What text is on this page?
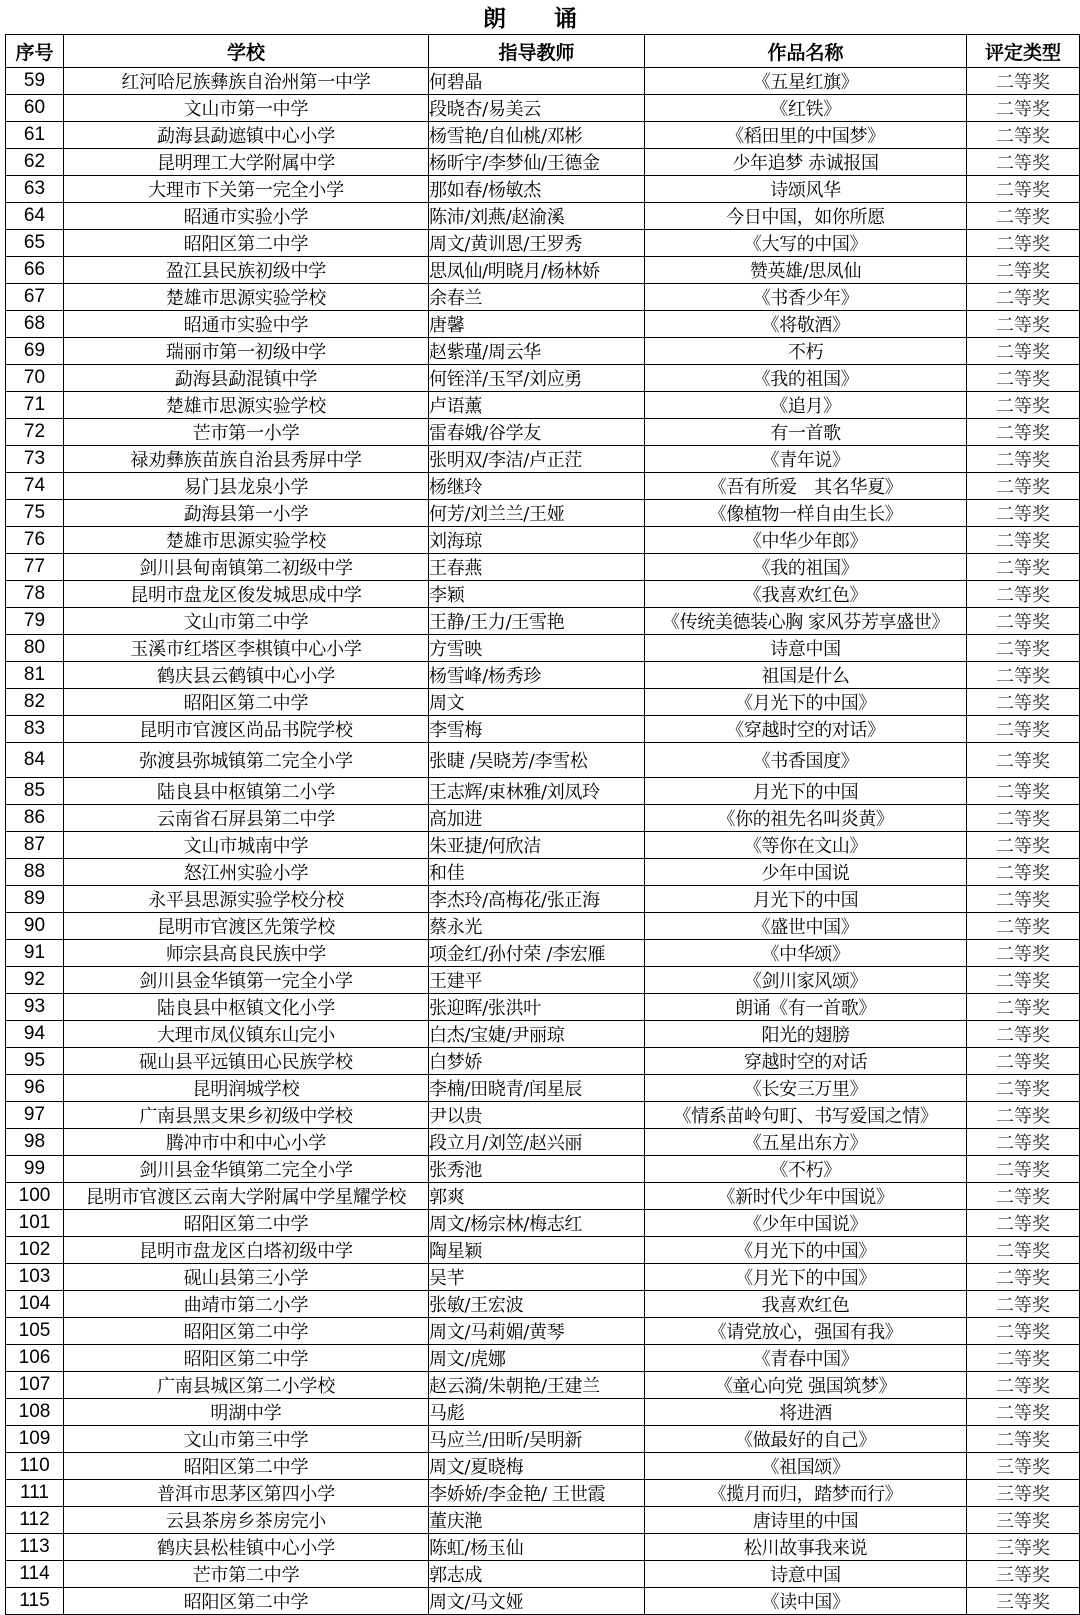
朗 诵
序号	学校	指导教师	作品名称	评定类型
59	红河哈尼族彝族自治州第一中学	何碧晶	《五星红旗》	二等奖
60	文山市第一中学	段晓杏/易美云	《红铁》	二等奖
61	勐海县勐遮镇中心小学	杨雪艳/自仙桃/邓彬	《稻田里的中国梦》	二等奖
62	昆明理工大学附属中学	杨昕宇/李梦仙/王德金	少年追梦 赤诚报国	二等奖
63	大理市下关第一完全小学	那如春/杨敏杰	诗颂风华	二等奖
64	昭通市实验小学	陈沛/刘燕/赵渝溪	今日中国，如你所愿	二等奖
65	昭阳区第二中学	周文/黄训恩/王罗秀	《大写的中国》	二等奖
66	盈江县民族初级中学	思凤仙/明晓月/杨林娇	赞英雄/思凤仙	二等奖
67	楚雄市思源实验学校	余春兰	《书香少年》	二等奖
68	昭通市实验中学	唐馨	《将敬酒》	二等奖
69	瑞丽市第一初级中学	赵紫瑾/周云华	不朽	二等奖
70	勐海县勐混镇中学	何铚洋/玉罕/刘应勇	《我的祖国》	二等奖
71	楚雄市思源实验学校	卢语薰	《追月》	二等奖
72	芒市第一小学	雷春娥/谷学友	有一首歌	二等奖
73	禄劝彝族苗族自治县秀屏中学	张明双/李洁/卢正茳	《青年说》	二等奖
74	易门县龙泉小学	杨继玲	《吾有所爱　其名华夏》	二等奖
75	勐海县第一小学	何芳/刘兰兰/王娅	《像植物一样自由生长》	二等奖
76	楚雄市思源实验学校	刘海琼	《中华少年郎》	二等奖
77	剑川县甸南镇第二初级中学	王春燕	《我的祖国》	二等奖
78	昆明市盘龙区俊发城思成中学	李颖	《我喜欢红色》	二等奖
79	文山市第二中学	王静/王力/王雪艳	《传统美德装心胸 家风芬芳享盛世》	二等奖
80	玉溪市红塔区李棋镇中心小学	方雪映	诗意中国	二等奖
81	鹤庆县云鹤镇中心小学	杨雪峰/杨秀珍	祖国是什么	二等奖
82	昭阳区第二中学	周文	《月光下的中国》	二等奖
83	昆明市官渡区尚品书院学校	李雪梅	《穿越时空的对话》	二等奖
84	弥渡县弥城镇第二完全小学	张睫 /吴晓芳/李雪松	《书香国度》	二等奖
85	陆良县中枢镇第二小学	王志辉/束林雅/刘凤玲	月光下的中国	二等奖
86	云南省石屏县第二中学	高加进	《你的祖先名叫炎黄》	二等奖
87	文山市城南中学	朱亚捷/何欣洁	《等你在文山》	二等奖
88	怒江州实验小学	和佳	少年中国说	二等奖
89	永平县思源实验学校分校	李杰玲/高梅花/张正海	月光下的中国	二等奖
90	昆明市官渡区先策学校	蔡永光	《盛世中国》	二等奖
91	师宗县高良民族中学	项金红/孙付荣 /李宏雁	《中华颂》	二等奖
92	剑川县金华镇第一完全小学	王建平	《剑川家风颂》	二等奖
93	陆良县中枢镇文化小学	张迎晖/张洪叶	朗诵《有一首歌》	二等奖
94	大理市凤仪镇东山完小	白杰/宝婕/尹丽琼	阳光的翅膀	二等奖
95	砚山县平远镇田心民族学校	白梦娇	穿越时空的对话	二等奖
96	昆明润城学校	李楠/田晓青/闰星辰	《长安三万里》	二等奖
97	广南县黑支果乡初级中学校	尹以贵	《情系苗岭句町、书写爱国之情》	二等奖
98	腾冲市中和中心小学	段立月/刘笠/赵兴丽	《五星出东方》	二等奖
99	剑川县金华镇第二完全小学	张秀池	《不朽》	二等奖
100	昆明市官渡区云南大学附属中学星耀学校	郭爽	《新时代少年中国说》	二等奖
101	昭阳区第二中学	周文/杨宗林/梅志红	《少年中国说》	二等奖
102	昆明市盘龙区白塔初级中学	陶星颖	《月光下的中国》	二等奖
103	砚山县第三小学	吴芊	《月光下的中国》	二等奖
104	曲靖市第二小学	张敏/王宏波	我喜欢红色	二等奖
105	昭阳区第二中学	周文/马莉媚/黄琴	《请党放心，强国有我》	二等奖
106	昭阳区第二中学	周文/虎娜	《青春中国》	二等奖
107	广南县城区第二小学校	赵云漪/朱朝艳/王建兰	《童心向党 强国筑梦》	二等奖
108	明湖中学	马彪	将进酒	二等奖
109	文山市第三中学	马应兰/田昕/吴明新	《做最好的自己》	二等奖
110	昭阳区第二中学	周文/夏晓梅	《祖国颂》	三等奖
111	普洱市思茅区第四小学	李娇娇/李金艳/ 王世霞	《揽月而归，踏梦而行》	三等奖
112	云县茶房乡茶房完小	董庆滟	唐诗里的中国	三等奖
113	鹤庆县松桂镇中心小学	陈虹/杨玉仙	松川故事我来说	三等奖
114	芒市第二中学	郭志成	诗意中国	三等奖
115	昭阳区第二中学	周文/马文娅	《读中国》	三等奖
